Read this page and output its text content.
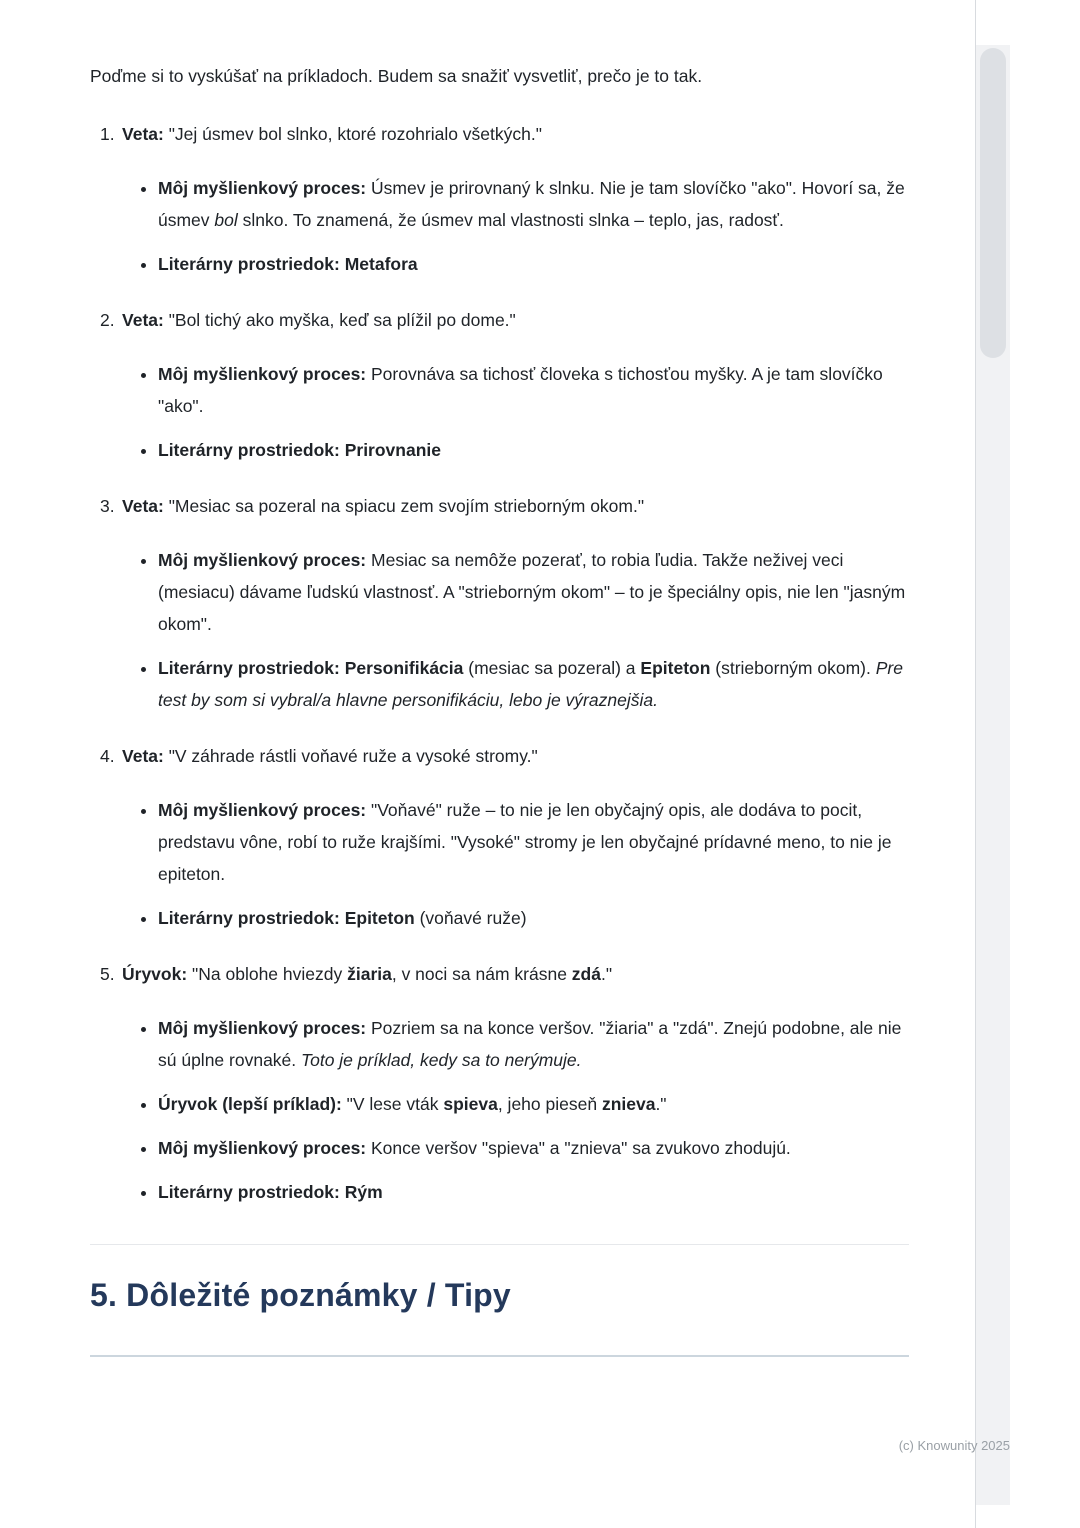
Poďme si to vyskúšať na príkladoch. Budem sa snažiť vysvetliť, prečo je to tak.

1. Veta: "Jej úsmev bol slnko, ktoré rozohrialo všetkých."

• Môj myšlienkový proces: Úsmev je prirovnaný k slnku. Nie je tam slovíčko "ako". Hovorí sa, že úsmev bol slnko. To znamená, že úsmev mal vlastnosti slnka – teplo, jas, radosť.
• Literárny prostriedok: Metafora
2. Veta: "Bol tichý ako myška, keď sa plížil po dome."

• Môj myšlienkový proces: Porovnáva sa tichosť človeka s tichosťou myšky. A je tam slovíčko "ako".
• Literárny prostriedok: Prirovnanie
3. Veta: "Mesiac sa pozeral na spiacu zem svojím strieborným okom."

• Môj myšlienkový proces: Mesiac sa nemôže pozerať, to robia ľudia. Takže neživej veci (mesiacu) dávame ľudskú vlastnosť. A "strieborným okom" – to je špeciálny opis, nie len "jasným okom".
• Literárny prostriedok: Personifikácia (mesiac sa pozeral) a Epiteton (strieborným okom). Pre test by som si vybral/a hlavne personifikáciu, lebo je výraznejšia.
4. Veta: "V záhrade rástli voňavé ruže a vysoké stromy."

• Môj myšlienkový proces: "Voňavé" ruže – to nie je len obyčajný opis, ale dodáva to pocit, predstavu vône, robí to ruže krajšími. "Vysoké" stromy je len obyčajné prídavné meno, to nie je epiteton.
• Literárny prostriedok: Epiteton (voňavé ruže)
5. Úryvok: "Na oblohe hviezdy žiaria, v noci sa nám krásne zdá."

• Môj myšlienkový proces: Pozriem sa na konce veršov. "žiaria" a "zdá". Znejú podobne, ale nie sú úplne rovnaké. Toto je príklad, kedy sa to nerýmuje.
• Úryvok (lepší príklad): "V lese vták spieva, jeho pieseň znieva."
• Môj myšlienkový proces: Konce veršov "spieva" a "znieva" sa zvukovo zhodujú.
• Literárny prostriedok: Rým
5. Dôležité poznámky / Tipy
(c) Knowunity 2025
